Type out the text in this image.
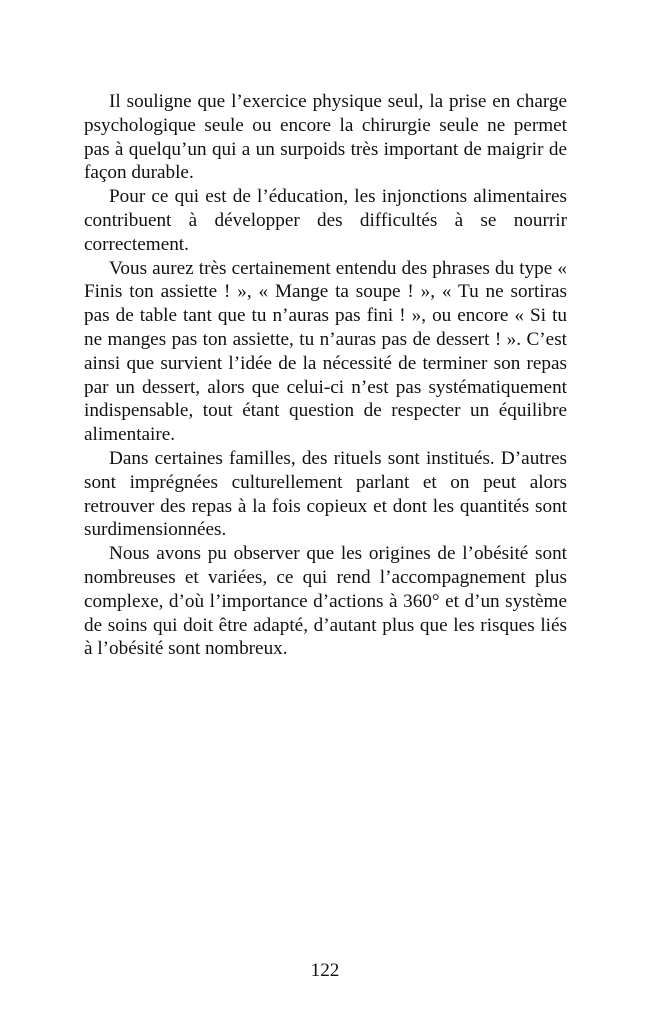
Il souligne que l’exercice physique seul, la prise en charge psychologique seule ou encore la chirurgie seule ne permet pas à quelqu’un qui a un surpoids très important de maigrir de façon durable.

Pour ce qui est de l’éducation, les injonctions alimentaires contribuent à développer des difficultés à se nourrir correctement.

Vous aurez très certainement entendu des phrases du type « Finis ton assiette ! », « Mange ta soupe ! », « Tu ne sortiras pas de table tant que tu n’auras pas fini ! », ou encore « Si tu ne manges pas ton assiette, tu n’auras pas de dessert ! ». C’est ainsi que survient l’idée de la nécessité de terminer son repas par un dessert, alors que celui-ci n’est pas systématiquement indispensable, tout étant question de respecter un équilibre alimentaire.

Dans certaines familles, des rituels sont institués. D’autres sont imprégnées culturellement parlant et on peut alors retrouver des repas à la fois copieux et dont les quantités sont surdimensionnées.

Nous avons pu observer que les origines de l’obésité sont nombreuses et variées, ce qui rend l’accompagnement plus complexe, d’où l’importance d’actions à 360° et d’un système de soins qui doit être adapté, d’autant plus que les risques liés à l’obésité sont nombreux.

122
